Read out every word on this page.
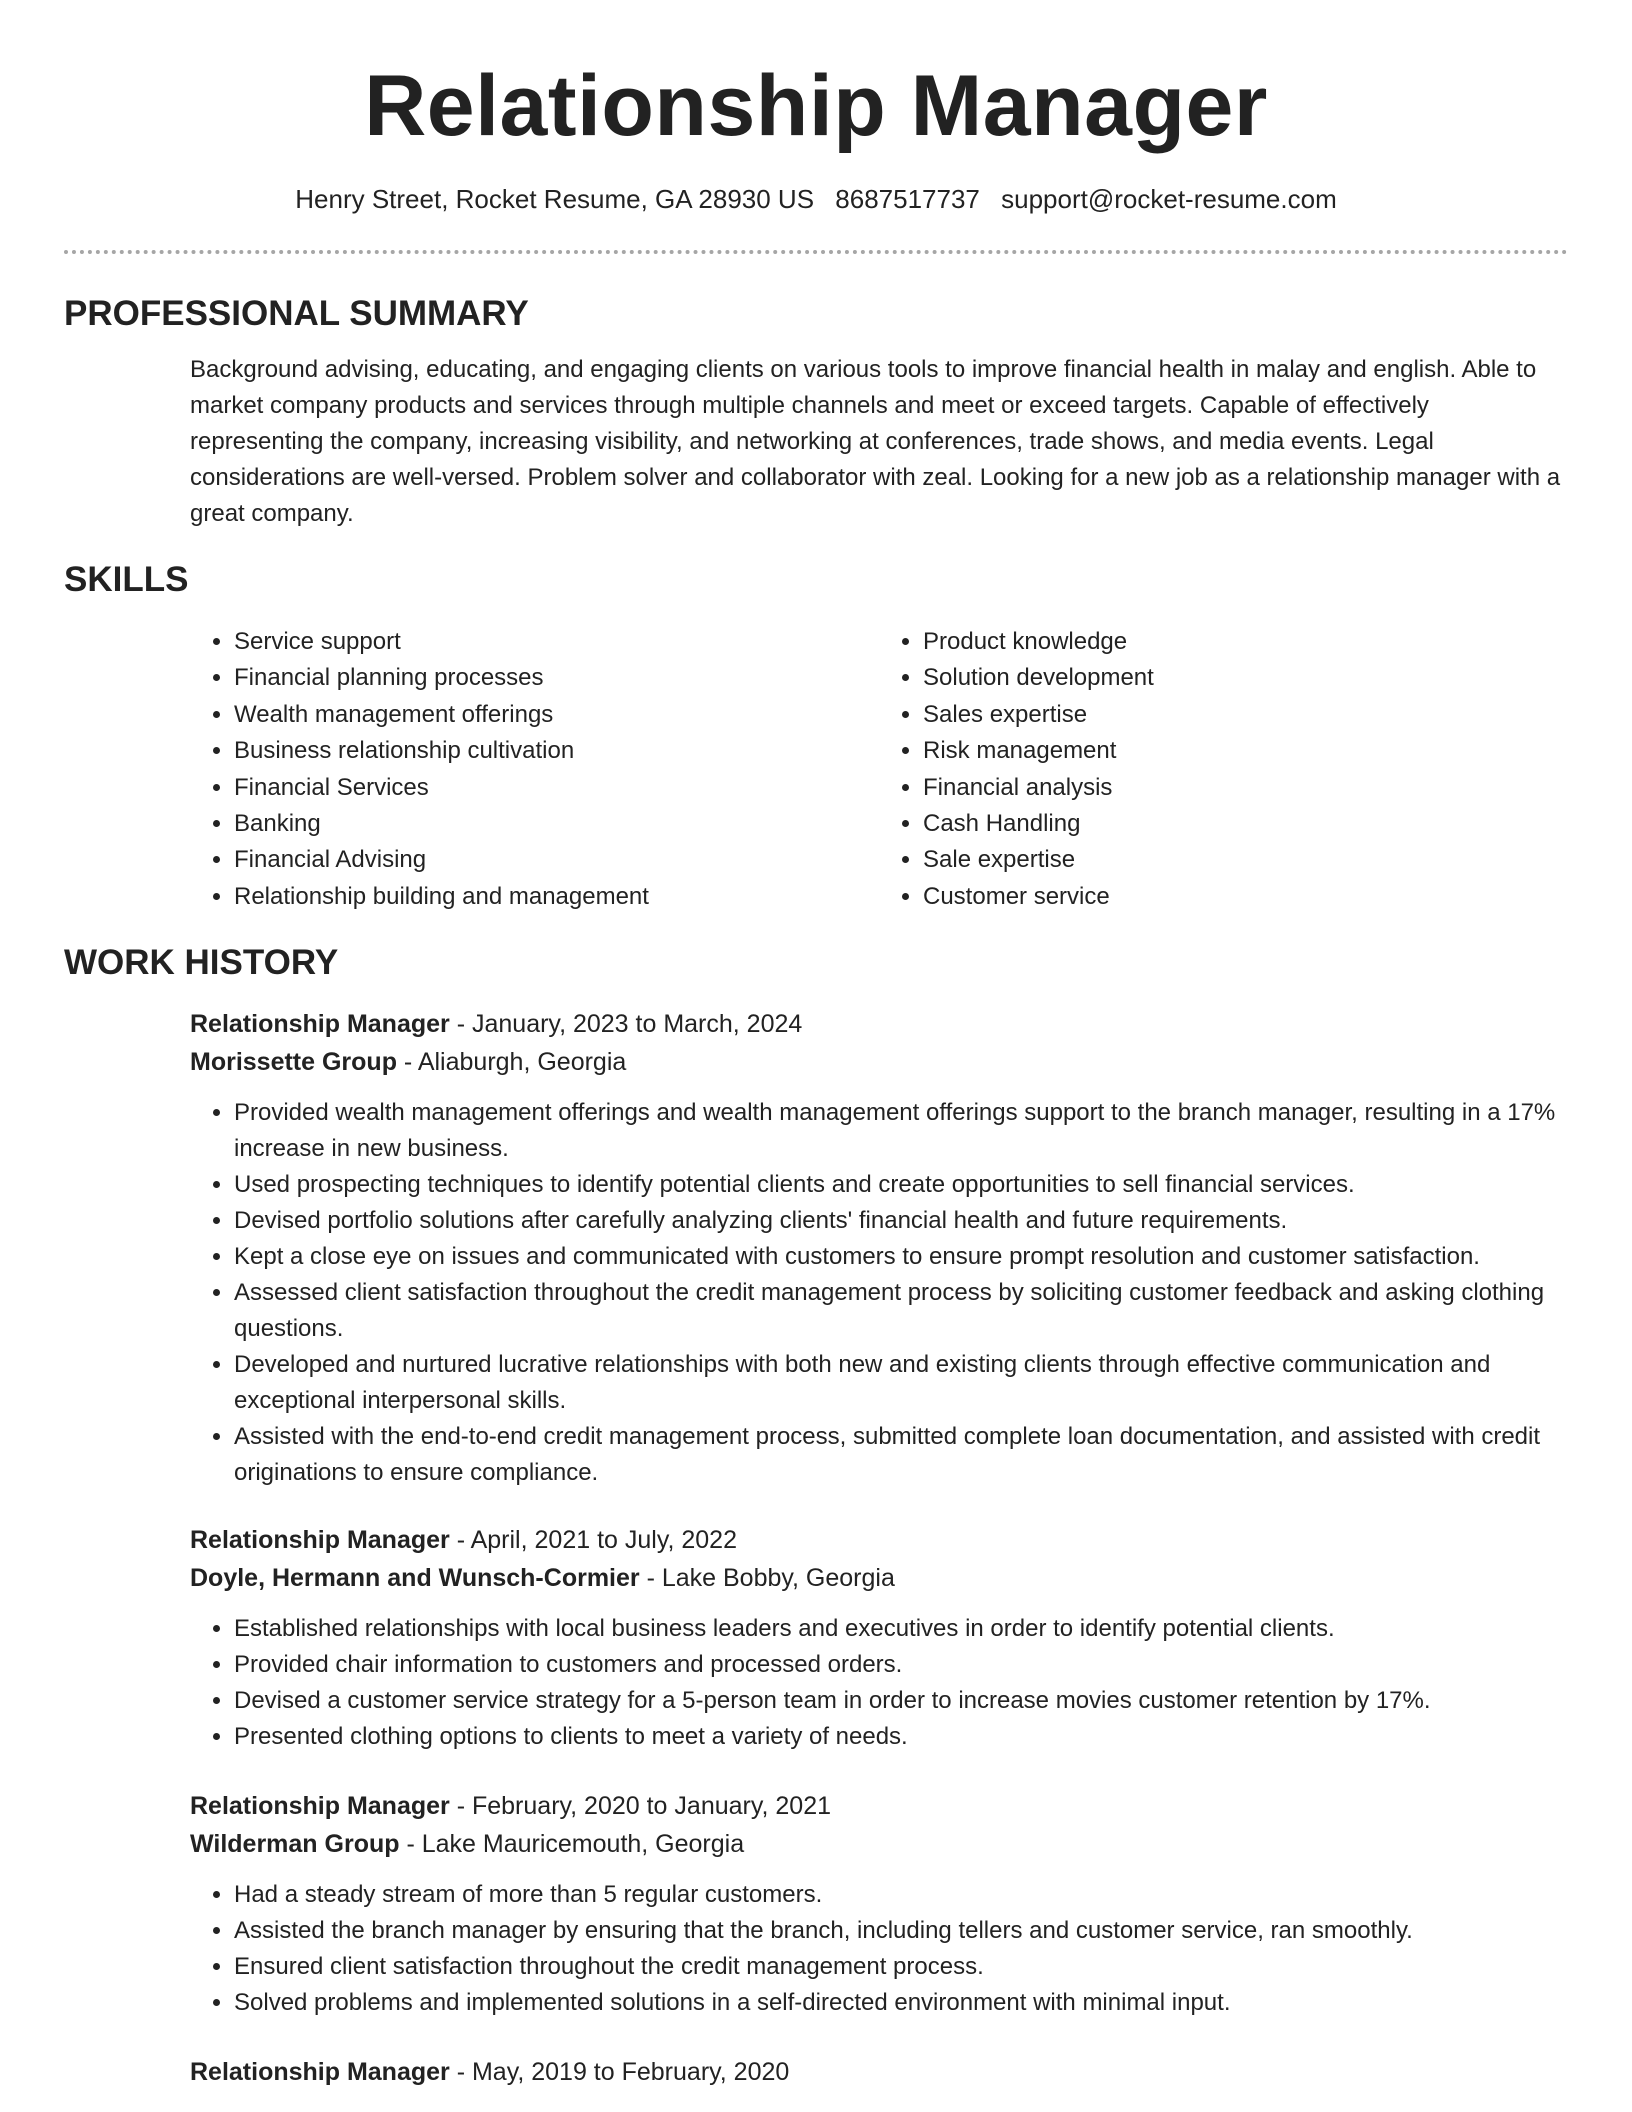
Relationship Manager
Henry Street, Rocket Resume, GA 28930 US 8687517737 support@rocket-resume.com
PROFESSIONAL SUMMARY

Background advising, educating, and engaging clients on various tools to improve financial health in malay and english. Able to market company products and services through multiple channels and meet or exceed targets. Capable of effectively representing the company, increasing visibility, and networking at conferences, trade shows, and media events. Legal considerations are well-versed. Problem solver and collaborator with zeal. Looking for a new job as a relationship manager with a great company.

SKILLS
• Service support
• Financial planning processes
• Wealth management offerings
• Business relationship cultivation
• Financial Services
• Banking
• Financial Advising
• Relationship building and management
• Product knowledge
• Solution development
• Sales expertise
• Risk management
• Financial analysis
• Cash Handling
• Sale expertise
• Customer service
WORK HISTORY
Relationship Manager - January, 2023 to March, 2024
Morissette Group - Aliaburgh, Georgia
• Provided wealth management offerings and wealth management offerings support to the branch manager, resulting in a 17% increase in new business.
• Used prospecting techniques to identify potential clients and create opportunities to sell financial services.
• Devised portfolio solutions after carefully analyzing clients' financial health and future requirements.
• Kept a close eye on issues and communicated with customers to ensure prompt resolution and customer satisfaction.
• Assessed client satisfaction throughout the credit management process by soliciting customer feedback and asking clothing questions.
• Developed and nurtured lucrative relationships with both new and existing clients through effective communication and exceptional interpersonal skills.
• Assisted with the end-to-end credit management process, submitted complete loan documentation, and assisted with credit originations to ensure compliance.
Relationship Manager - April, 2021 to July, 2022
Doyle, Hermann and Wunsch-Cormier - Lake Bobby, Georgia
• Established relationships with local business leaders and executives in order to identify potential clients.
• Provided chair information to customers and processed orders.
• Devised a customer service strategy for a 5-person team in order to increase movies customer retention by 17%.
• Presented clothing options to clients to meet a variety of needs.
Relationship Manager - February, 2020 to January, 2021
Wilderman Group - Lake Mauricemouth, Georgia
• Had a steady stream of more than 5 regular customers.
• Assisted the branch manager by ensuring that the branch, including tellers and customer service, ran smoothly.
• Ensured client satisfaction throughout the credit management process.
• Solved problems and implemented solutions in a self-directed environment with minimal input.
Relationship Manager - May, 2019 to February, 2020
